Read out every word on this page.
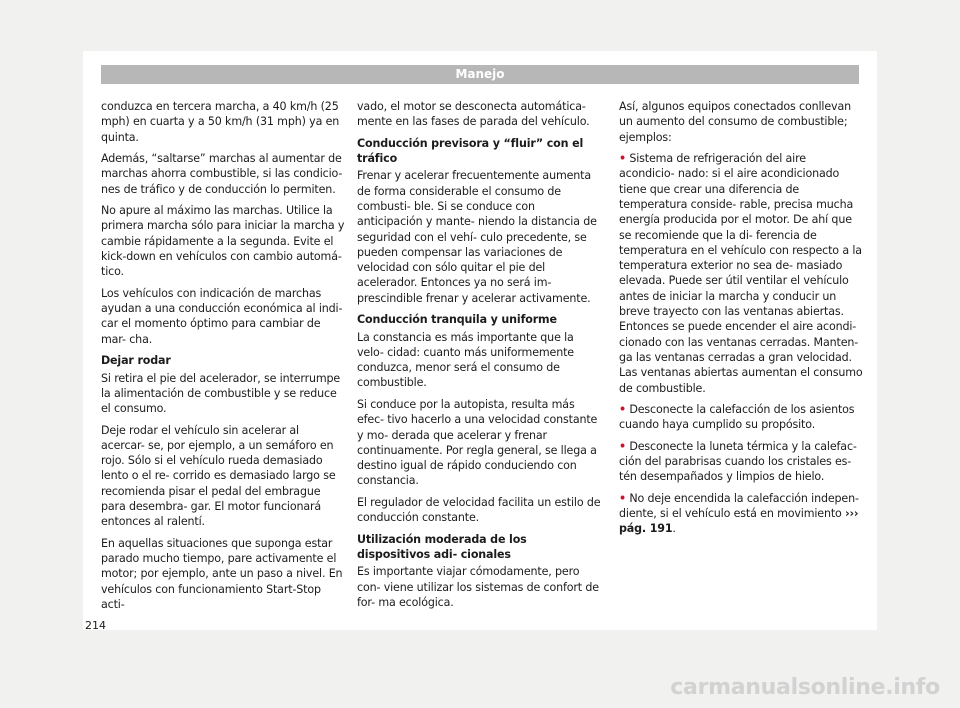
Manejo

conduzca en tercera marcha, a 40 km/h (25 mph) en cuarta y a 50 km/h (31 mph) ya en quinta.

Además, “saltarse” marchas al aumentar de marchas ahorra combustible, si las condicio- nes de tráfico y de conducción lo permiten.

No apure al máximo las marchas. Utilice la primera marcha sólo para iniciar la marcha y cambie rápidamente a la segunda. Evite el kick-down en vehículos con cambio automá- tico.

Los vehículos con indicación de marchas ayudan a una conducción económica al indi- car el momento óptimo para cambiar de mar- cha.

Dejar rodar

Si retira el pie del acelerador, se interrumpe la alimentación de combustible y se reduce el consumo.

Deje rodar el vehículo sin acelerar al acercar- se, por ejemplo, a un semáforo en rojo. Sólo si el vehículo rueda demasiado lento o el re- corrido es demasiado largo se recomienda pisar el pedal del embrague para desembra- gar. El motor funcionará entonces al ralentí.

En aquellas situaciones que suponga estar parado mucho tiempo, pare activamente el motor; por ejemplo, ante un paso a nivel. En vehículos con funcionamiento Start-Stop acti-

vado, el motor se desconecta automática- mente en las fases de parada del vehículo.

Conducción previsora y “fluir” con el tráfico

Frenar y acelerar frecuentemente aumenta de forma considerable el consumo de combusti- ble. Si se conduce con anticipación y mante- niendo la distancia de seguridad con el vehí- culo precedente, se pueden compensar las variaciones de velocidad con sólo quitar el pie del acelerador. Entonces ya no será im- prescindible frenar y acelerar activamente.

Conducción tranquila y uniforme

La constancia es más importante que la velo- cidad: cuanto más uniformemente conduzca, menor será el consumo de combustible.

Si conduce por la autopista, resulta más efec- tivo hacerlo a una velocidad constante y mo- derada que acelerar y frenar continuamente. Por regla general, se llega a destino igual de rápido conduciendo con constancia.

El regulador de velocidad facilita un estilo de conducción constante.

Utilización moderada de los dispositivos adi- cionales

Es importante viajar cómodamente, pero con- viene utilizar los sistemas de confort de for- ma ecológica.

Así, algunos equipos conectados conllevan un aumento del consumo de combustible; ejemplos:

• Sistema de refrigeración del aire acondicio- nado: si el aire acondicionado tiene que crear una diferencia de temperatura conside- rable, precisa mucha energía producida por el motor. De ahí que se recomiende que la di- ferencia de temperatura en el vehículo con respecto a la temperatura exterior no sea de- masiado elevada. Puede ser útil ventilar el vehículo antes de iniciar la marcha y conducir un breve trayecto con las ventanas abiertas. Entonces se puede encender el aire acondi- cionado con las ventanas cerradas. Manten- ga las ventanas cerradas a gran velocidad. Las ventanas abiertas aumentan el consumo de combustible.

• Desconecte la calefacción de los asientos cuando haya cumplido su propósito.

• Desconecte la luneta térmica y la calefac- ción del parabrisas cuando los cristales es- tén desempañados y limpios de hielo.

• No deje encendida la calefacción indepen- diente, si el vehículo está en movimiento ››› pág. 191.

214
carmanualsonline.info
